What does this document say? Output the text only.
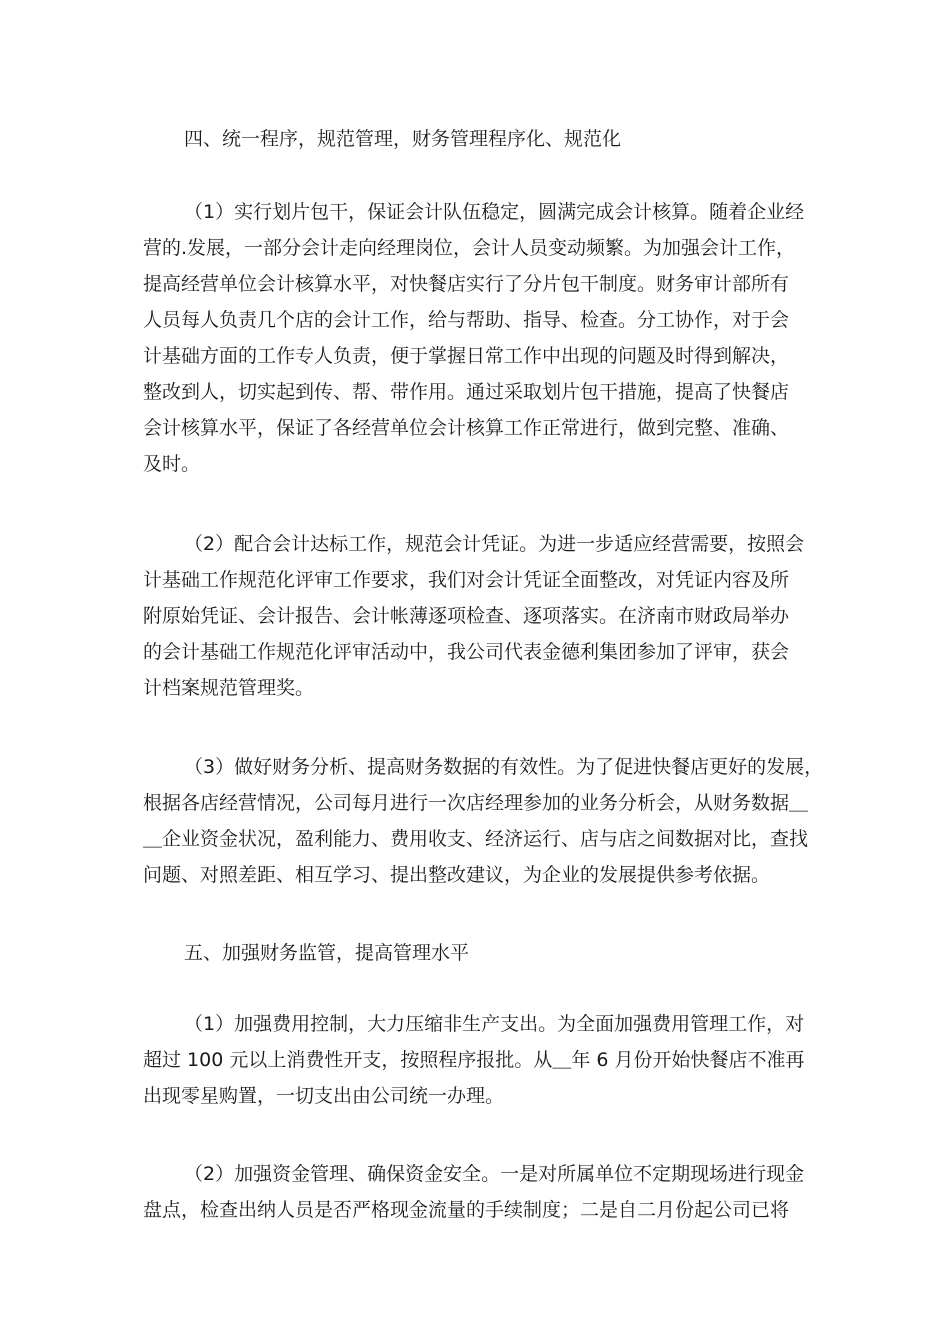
四、统一程序，规范管理，财务管理程序化、规范化

（1）实行划片包干，保证会计队伍稳定，圆满完成会计核算。随着企业经
营的.发展，一部分会计走向经理岗位，会计人员变动频繁。为加强会计工作，
提高经营单位会计核算水平，对快餐店实行了分片包干制度。财务审计部所有
人员每人负责几个店的会计工作，给与帮助、指导、检查。分工协作，对于会
计基础方面的工作专人负责，便于掌握日常工作中出现的问题及时得到解决，
整改到人，切实起到传、帮、带作用。通过采取划片包干措施，提高了快餐店
会计核算水平，保证了各经营单位会计核算工作正常进行，做到完整、准确、
及时。
（2）配合会计达标工作，规范会计凭证。为进一步适应经营需要，按照会
计基础工作规范化评审工作要求，我们对会计凭证全面整改，对凭证内容及所
附原始凭证、会计报告、会计帐薄逐项检查、逐项落实。在济南市财政局举办
的会计基础工作规范化评审活动中，我公司代表金德利集团参加了评审，获会
计档案规范管理奖。
（3）做好财务分析、提高财务数据的有效性。为了促进快餐店更好的发展，
根据各店经营情况，公司每月进行一次店经理参加的业务分析会，从财务数据＿
＿企业资金状况，盈利能力、费用收支、经济运行、店与店之间数据对比，查找
问题、对照差距、相互学习、提出整改建议，为企业的发展提供参考依据。

五、加强财务监管，提高管理水平

（1）加强费用控制，大力压缩非生产支出。为全面加强费用管理工作，对
超过 100 元以上消费性开支，按照程序报批。从＿年 6 月份开始快餐店不准再
出现零星购置，一切支出由公司统一办理。
（2）加强资金管理、确保资金安全。一是对所属单位不定期现场进行现金
盘点，检查出纳人员是否严格现金流量的手续制度；二是自二月份起公司已将
